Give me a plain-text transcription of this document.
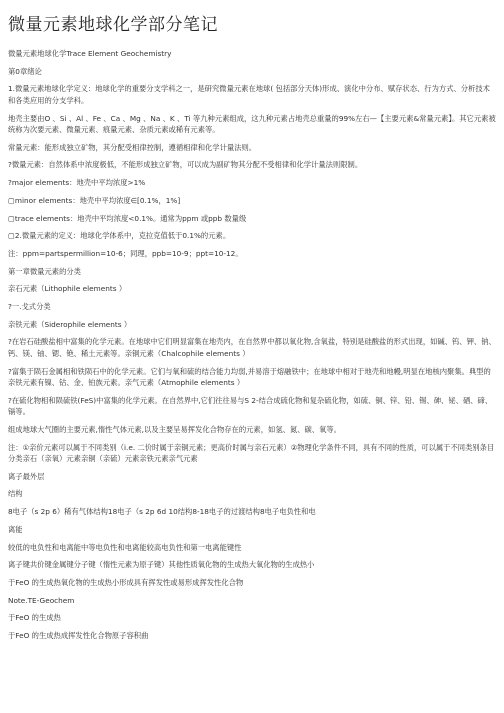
微量元素地球化学部分笔记

微量元素地球化学Trace Element Geochemistry

第0章绪论

1.微量元素地球化学定义：地球化学的重要分支学科之一，是研究微量元素在地球( 包括部分天体)形成、演化中分布、赋存状态、行为方式、分析技术和各类应用的分支学科。

地壳主要由O 、Si 、Al 、Fe 、Ca 、Mg 、Na 、K 、Ti 等九种元素组成，这九种元素占地壳总重量的99%左右—【主要元素&常量元素】。其它元素被统称为次要元素、微量元素、痕量元素、杂质元素或稀有元素等。

常量元素：能形成独立矿物，其分配受相律控制，遵循相律和化学计量法则。

?微量元素：自然体系中浓度极低，不能形成独立矿物，可以成为副矿物其分配不受相律和化学计量法则限制。

?major elements：地壳中平均浓度>1%

▢minor elements：地壳中平均浓度∈[0.1%，1%]

▢trace elements：地壳中平均浓度<0.1%。通常为ppm 或ppb 数量级

▢2.微量元素的定义：地球化学体系中，克拉克值低于0.1%的元素。

注：ppm=partspermillion=10-6；同理，ppb=10-9；ppt=10-12。

第一章微量元素的分类

亲石元素（Lithophile elements ）

?一.戈式分类

亲铁元素（Siderophile elements ）

?在岩石硅酸盐相中富集的化学元素。在地球中它们明显富集在地壳内，在自然界中都以氧化物,含氧盐，特别是硅酸盐的形式出现，如碱、钨、钾、钠、钙、镁、铀、锶、铯、稀土元素等。亲铜元素（Chalcophile elements ）

?富集于陨石金属相和铁陨石中的化学元素。它们与氧和硫的结合能力均弱,并易溶于熔融铁中；在地球中相对于地壳和地幔,明显在地核内聚集。典型的亲铁元素有镍、钴、金、铂族元素。亲气元素（Atmophile elements ）

?在硫化物相和陨硫铁(FeS)中富集的化学元素。在自然界中,它们往往易与S 2-结合成硫化物和复杂硫化物，如硫、铜、锌、铅、锡、砷、铋、硒、碲、镉等。

组成地球大气圈的主要元素,惰性气体元素,以及主要呈易挥发化合物存在的元素，如氢、氮、碳、氧等。

注：①亲价元素可以属于不同类别（i.e. 二价时属于亲铜元素；更高价时属与亲石元素）②物理化学条件不同，具有不同的性质，可以属于不同类别条目 分类亲石（亲氧）元素亲铜（亲硫）元素亲铁元素亲气元素

离子最外层

结构

8电子（s 2p 6）稀有气体结构18电子（s 2p 6d 10结构8-18电子的过渡结构8电子电负性和电

离能

较低的电负性和电离能中等电负性和电离能较高电负性和第一电离能键性

离子键共价键金属键分子键（惰性元素为原子键）其他性质氧化物的生成热大氧化物的生成热小

于FeO 的生成热氧化物的生成热小形成具有挥发性或易形成挥发性化合物

Note.TE-Geochem

于FeO 的生成热

于FeO 的生成热成挥发性化合物原子容积曲
